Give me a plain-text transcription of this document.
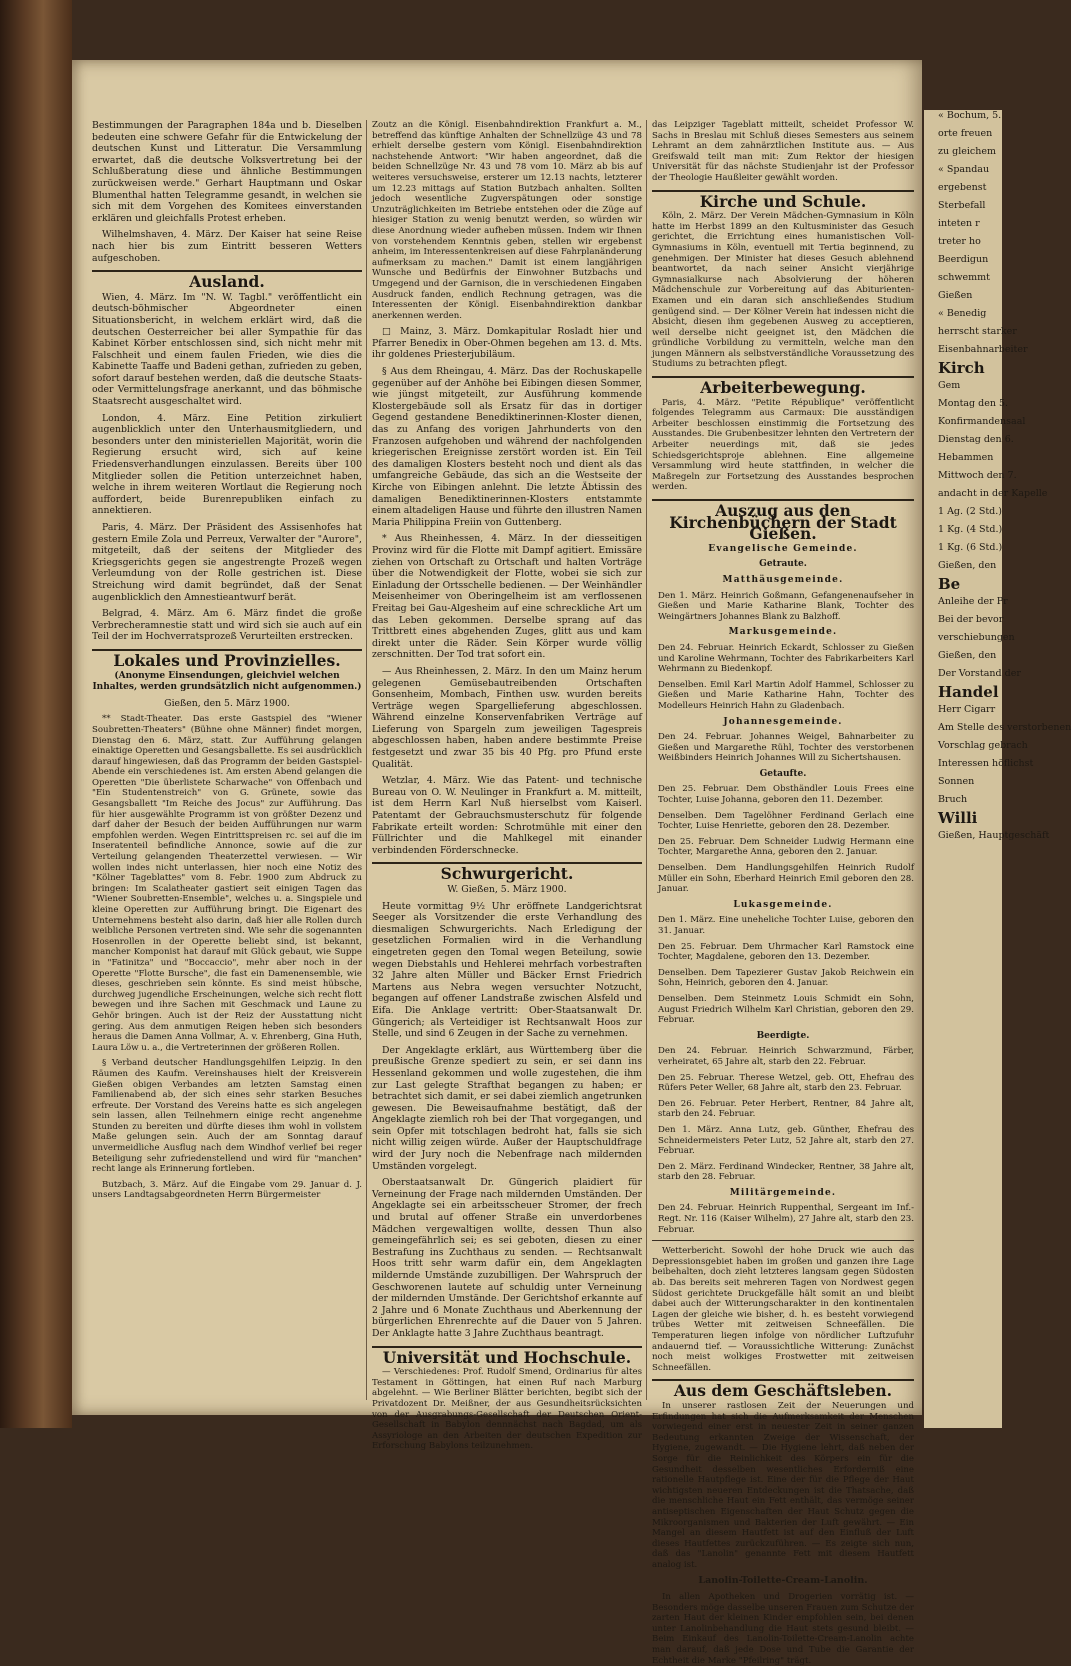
Bestimmungen der Paragraphen 184a und b. Dieselben bedeuten eine schwere Gefahr für die Entwickelung der deutschen Kunst und Litteratur. Die Versammlung erwartet, daß die deutsche Volksvertretung bei der Schlußberatung diese und ähnliche Bestimmungen zurückweisen werde." Gerhart Hauptmann und Oskar Blumenthal hatten Telegramme gesandt, in welchen sie sich mit dem Vorgehen des Komitees einverstanden erklären und gleichfalls Protest erheben.

Wilhelmshaven, 4. März. Der Kaiser hat seine Reise nach hier bis zum Eintritt besseren Wetters aufgeschoben.

Ausland.

Wien, 4. März. Im "N. W. Tagbl." veröffentlicht ein deutsch-böhmischer Abgeordneter einen Situationsbericht, in welchem erklärt wird, daß die deutschen Oesterreicher bei aller Sympathie für das Kabinet Körber entschlossen sind, sich nicht mehr mit Falschheit und einem faulen Frieden, wie dies die Kabinette Taaffe und Badeni gethan, zufrieden zu geben, sofort darauf bestehen werden, daß die deutsche Staats- oder Vermittelungsfrage anerkannt, und das böhmische Staatsrecht ausgeschaltet wird.

London, 4. März. Eine Petition zirkuliert augenblicklich unter den Unterhausmitgliedern, und besonders unter den ministeriellen Majorität, worin die Regierung ersucht wird, sich auf keine Friedensverhandlungen einzulassen. Bereits über 100 Mitglieder sollen die Petition unterzeichnet haben, welche in ihrem weiteren Wortlaut die Regierung noch auffordert, beide Burenrepubliken einfach zu annektieren.

Paris, 4. März. Der Präsident des Assisenhofes hat gestern Emile Zola und Perreux, Verwalter der "Aurore", mitgeteilt, daß der seitens der Mitglieder des Kriegsgerichts gegen sie angestrengte Prozeß wegen Verleumdung von der Rolle gestrichen ist. Diese Streichung wird damit begründet, daß der Senat augenblicklich den Amnestieantwurf berät.

Belgrad, 4. März. Am 6. März findet die große Verbrecheramnestie statt und wird sich sie auch auf ein Teil der im Hochverratsprozeß Verurteilten erstrecken.

Lokales und Provinzielles.

(Anonyme Einsendungen, gleichviel welchen Inhaltes, werden grundsätzlich nicht aufgenommen.)

Gießen, den 5. März 1900.

** Stadt-Theater. Das erste Gastspiel des "Wiener Soubretten-Theaters" (Bühne ohne Männer) findet morgen, Dienstag den 6. März, statt. Zur Aufführung gelangen einaktige Operetten und Gesangsballette. Es sei ausdrücklich darauf hingewiesen, daß das Programm der beiden Gastspiel-Abende ein verschiedenes ist. Am ersten Abend gelangen die Operetten "Die überlistete Scharwache" von Offenbach und "Ein Studentenstreich" von G. Grünete, sowie das Gesangsballett "Im Reiche des Jocus" zur Aufführung. Das für hier ausgewählte Programm ist von größter Dezenz und darf daher der Besuch der beiden Aufführungen nur warm empfohlen werden. Wegen Eintrittspreisen rc. sei auf die im Inseratenteil befindliche Annonce, sowie auf die zur Verteilung gelangenden Theaterzettel verwiesen. — Wir wollen indes nicht unterlassen, hier noch eine Notiz des "Kölner Tageblattes" vom 8. Febr. 1900 zum Abdruck zu bringen: Im Scalatheater gastiert seit einigen Tagen das "Wiener Soubretten-Ensemble", welches u. a. Singspiele und kleine Operetten zur Aufführung bringt. Die Eigenart des Unternehmens besteht also darin, daß hier alle Rollen durch weibliche Personen vertreten sind. Wie sehr die sogenannten Hosenrollen in der Operette beliebt sind, ist bekannt, mancher Komponist hat darauf mit Glück gebaut, wie Suppe in "Fatinitza" und "Boccaccio", mehr aber noch in der Operette "Flotte Bursche", die fast ein Damenensemble, wie dieses, geschrieben sein könnte. Es sind meist hübsche, durchweg jugendliche Erscheinungen, welche sich recht flott bewegen und ihre Sachen mit Geschmack und Laune zu Gehör bringen. Auch ist der Reiz der Ausstattung nicht gering. Aus dem anmutigen Reigen heben sich besonders heraus die Damen Anna Vollmar, A. v. Ehrenberg, Gina Huth, Laura Löw u. a., die Vertreterinnen der größeren Rollen.

§ Verband deutscher Handlungsgehilfen Leipzig. In den Räumen des Kaufm. Vereinshauses hielt der Kreisverein Gießen obigen Verbandes am letzten Samstag einen Familienabend ab, der sich eines sehr starken Besuches erfreute. Der Vorstand des Vereins hatte es sich angelegen sein lassen, allen Teilnehmern einige recht angenehme Stunden zu bereiten und dürfte dieses ihm wohl in vollstem Maße gelungen sein. Auch der am Sonntag darauf unvermeidliche Ausflug nach dem Windhof verlief bei reger Beteiligung sehr zufriedenstellend und wird für "manchen" recht lange als Erinnerung fortleben.

Butzbach, 3. März. Auf die Eingabe vom 29. Januar d. J. unsers Landtagsabgeordneten Herrn Bürgermeister

Zoutz an die Königl. Eisenbahndirektion Frankfurt a. M., betreffend das künftige Anhalten der Schnellzüge 43 und 78 erhielt derselbe gestern vom Königl. Eisenbahndirektion nachstehende Antwort: "Wir haben angeordnet, daß die beiden Schnellzüge Nr. 43 und 78 vom 10. März ab bis auf weiteres versuchsweise, ersterer um 12.13 nachts, letzterer um 12.23 mittags auf Station Butzbach anhalten. Sollten jedoch wesentliche Zugverspätungen oder sonstige Unzuträglichkeiten im Betriebe entstehen oder die Züge auf hiesiger Station zu wenig benutzt werden, so würden wir diese Anordnung wieder aufheben müssen. Indem wir Ihnen von vorstehendem Kenntnis geben, stellen wir ergebenst anheim, im Interessentenkreisen auf diese Fahrplanänderung aufmerksam zu machen." Damit ist einem langjährigen Wunsche und Bedürfnis der Einwohner Butzbachs und Umgegend und der Garnison, die in verschiedenen Eingaben Ausdruck fanden, endlich Rechnung getragen, was die Interessenten der Königl. Eisenbahndirektion dankbar anerkennen werden.

□ Mainz, 3. März. Domkapitular Rosladt hier und Pfarrer Benedix in Ober-Ohmen begehen am 13. d. Mts. ihr goldenes Priesterjubiläum.

§ Aus dem Rheingau, 4. März. Das der Rochuskapelle gegenüber auf der Anhöhe bei Eibingen diesen Sommer, wie jüngst mitgeteilt, zur Ausführung kommende Klostergebäude soll als Ersatz für das in dortiger Gegend gestandene Benediktinerinnen-Kloster dienen, das zu Anfang des vorigen Jahrhunderts von den Franzosen aufgehoben und während der nachfolgenden kriegerischen Ereignisse zerstört worden ist. Ein Teil des damaligen Klosters besteht noch und dient als das umfangreiche Gebäude, das sich an die Westseite der Kirche von Eibingen anlehnt. Die letzte Äbtissin des damaligen Benediktinerinnen-Klosters entstammte einem altadeligen Hause und führte den illustren Namen Maria Philippina Freiin von Guttenberg.

* Aus Rheinhessen, 4. März. In der diesseitigen Provinz wird für die Flotte mit Dampf agitiert. Emissäre ziehen von Ortschaft zu Ortschaft und halten Vorträge über die Notwendigkeit der Flotte, wobei sie sich zur Einladung der Ortsschelle bedienen. — Der Weinhändler Meisenheimer von Oberingelheim ist am verflossenen Freitag bei Gau-Algesheim auf eine schreckliche Art um das Leben gekommen. Derselbe sprang auf das Trittbrett eines abgehenden Zuges, glitt aus und kam direkt unter die Räder. Sein Körper wurde völlig zerschnitten. Der Tod trat sofort ein.

— Aus Rheinhessen, 2. März. In den um Mainz herum gelegenen Gemüsebautreibenden Ortschaften Gonsenheim, Mombach, Finthen usw. wurden bereits Verträge wegen Spargellieferung abgeschlossen. Während einzelne Konservenfabriken Verträge auf Lieferung von Spargeln zum jeweiligen Tagespreis abgeschlossen haben, haben andere bestimmte Preise festgesetzt und zwar 35 bis 40 Pfg. pro Pfund erste Qualität.

Wetzlar, 4. März. Wie das Patent- und technische Bureau von O. W. Neulinger in Frankfurt a. M. mitteilt, ist dem Herrn Karl Nuß hierselbst vom Kaiserl. Patentamt der Gebrauchsmusterschutz für folgende Fabrikate erteilt worden: Schrotmühle mit einer den Füllrichter und die Mahlkegel mit einander verbindenden Förderschnecke.

Schwurgericht.

W. Gießen, 5. März 1900.

Heute vormittag 9½ Uhr eröffnete Landgerichtsrat Seeger als Vorsitzender die erste Verhandlung des diesmaligen Schwurgerichts. Nach Erledigung der gesetzlichen Formalien wird in die Verhandlung eingetreten gegen den Tomal wegen Beteilung, sowie wegen Diebstahls und Hehlerei mehrfach vorbestraften 32 Jahre alten Müller und Bäcker Ernst Friedrich Martens aus Nebra wegen versuchter Notzucht, begangen auf offener Landstraße zwischen Alsfeld und Eifa. Die Anklage vertritt: Ober-Staatsanwalt Dr. Güngerich; als Verteidiger ist Rechtsanwalt Hoos zur Stelle, und sind 6 Zeugen in der Sache zu vernehmen.

Der Angeklagte erklärt, aus Württemberg über die preußische Grenze spediert zu sein, er sei dann ins Hessenland gekommen und wolle zugestehen, die ihm zur Last gelegte Strafthat begangen zu haben; er betrachtet sich damit, er sei dabei ziemlich angetrunken gewesen. Die Beweisaufnahme bestätigt, daß der Angeklagte ziemlich roh bei der That vorgegangen, und sein Opfer mit totschlagen bedroht hat, falls sie sich nicht willig zeigen würde. Außer der Hauptschuldfrage wird der Jury noch die Nebenfrage nach mildernden Umständen vorgelegt.

Oberstaatsanwalt Dr. Güngerich plaidiert für Verneinung der Frage nach mildernden Umständen. Der Angeklagte sei ein arbeitsscheuer Stromer, der frech und brutal auf offener Straße ein unverdorbenes Mädchen vergewaltigen wollte, dessen Thun also gemeingefährlich sei; es sei geboten, diesen zu einer Bestrafung ins Zuchthaus zu senden. — Rechtsanwalt Hoos tritt sehr warm dafür ein, dem Angeklagten mildernde Umstände zuzubilligen. Der Wahrspruch der Geschworenen lautete auf schuldig unter Verneinung der mildernden Umstände. Der Gerichtshof erkannte auf 2 Jahre und 6 Monate Zuchthaus und Aberkennung der bürgerlichen Ehrenrechte auf die Dauer von 5 Jahren. Der Anklagte hatte 3 Jahre Zuchthaus beantragt.

Universität und Hochschule.

— Verschiedenes: Prof. Rudolf Smend, Ordinarius für altes Testament in Göttingen, hat einen Ruf nach Marburg abgelehnt. — Wie Berliner Blätter berichten, begibt sich der Privatdozent Dr. Meißner, der aus Gesundheitsrücksichten von der Ausgrabungs-Gesellschaft der Deutschen Orient-Gesellschaft in Babylon dennnächst nach Bagdad, um als Assyriologe an den Arbeiten der deutschen Expedition zur Erforschung Babylons teilzunehmen.

das Leipziger Tageblatt mitteilt, scheidet Professor W. Sachs in Breslau mit Schluß dieses Semesters aus seinem Lehramt an dem zahnärztlichen Institute aus. — Aus Greifswald teilt man mit: Zum Rektor der hiesigen Universität für das nächste Studienjahr ist der Professor der Theologie Haußleiter gewählt worden.

Kirche und Schule.

Köln, 2. März. Der Verein Mädchen-Gymnasium in Köln hatte im Herbst 1899 an den Kultusminister das Gesuch gerichtet, die Errichtung eines humanistischen Voll-Gymnasiums in Köln, eventuell mit Tertia beginnend, zu genehmigen. Der Minister hat dieses Gesuch ablehnend beantwortet, da nach seiner Ansicht vierjährige Gymnasialkurse nach Absolvierung der höheren Mädchenschule zur Vorbereitung auf das Abiturienten-Examen und ein daran sich anschließendes Studium genügend sind. — Der Kölner Verein hat indessen nicht die Absicht, diesen ihm gegebenen Ausweg zu acceptieren, weil derselbe nicht geeignet ist, den Mädchen die gründliche Vorbildung zu vermitteln, welche man den jungen Männern als selbstverständliche Voraussetzung des Studiums zu betrachten pflegt.

Arbeiterbewegung.

Paris, 4. März. "Petite République" veröffentlicht folgendes Telegramm aus Carmaux: Die ausständigen Arbeiter beschlossen einstimmig die Fortsetzung des Ausstandes. Die Grubenbesitzer lehnten den Vertretern der Arbeiter neuerdings mit, daß sie jedes Schiedsgerichtsproje ablehnen. Eine allgemeine Versammlung wird heute stattfinden, in welcher die Maßregeln zur Fortsetzung des Ausstandes besprochen werden.

Auszug aus den Kirchenbüchern der Stadt Gießen.

Evangelische Gemeinde.

Getraute.

Matthäusgemeinde.

Den 1. März. Heinrich Goßmann, Gefangenenaufseher in Gießen und Marie Katharine Blank, Tochter des Weingärtners Johannes Blank zu Balzhoff.

Markusgemeinde.

Den 24. Februar. Heinrich Eckardt, Schlosser zu Gießen und Karoline Wehrmann, Tochter des Fabrikarbeiters Karl Wehrmann zu Biedenkopf.

Denselben. Emil Karl Martin Adolf Hammel, Schlosser zu Gießen und Marie Katharine Hahn, Tochter des Modelleurs Heinrich Hahn zu Gladenbach.

Johannesgemeinde.

Den 24. Februar. Johannes Weigel, Bahnarbeiter zu Gießen und Margarethe Rühl, Tochter des verstorbenen Weißbinders Heinrich Johannes Will zu Sichertshausen.

Getaufte.

Den 25. Februar. Dem Obsthändler Louis Frees eine Tochter, Luise Johanna, geboren den 11. Dezember.

Denselben. Dem Tagelöhner Ferdinand Gerlach eine Tochter, Luise Henriette, geboren den 28. Dezember.

Den 25. Februar. Dem Schneider Ludwig Hermann eine Tochter, Margarethe Anna, geboren den 2. Januar.

Denselben. Dem Handlungsgehilfen Heinrich Rudolf Müller ein Sohn, Eberhard Heinrich Emil geboren den 28. Januar.

Lukasgemeinde.

Den 1. März. Eine uneheliche Tochter Luise, geboren den 31. Januar.

Den 25. Februar. Dem Uhrmacher Karl Ramstock eine Tochter, Magdalene, geboren den 13. Dezember.

Denselben. Dem Tapezierer Gustav Jakob Reichwein ein Sohn, Heinrich, geboren den 4. Januar.

Denselben. Dem Steinmetz Louis Schmidt ein Sohn, August Friedrich Wilhelm Karl Christian, geboren den 29. Februar.

Beerdigte.

Den 24. Februar. Heinrich Schwarzmund, Färber, verheiratet, 65 Jahre alt, starb den 22. Februar.

Den 25. Februar. Therese Wetzel, geb. Ott, Ehefrau des Rüfers Peter Weller, 68 Jahre alt, starb den 23. Februar.

Den 26. Februar. Peter Herbert, Rentner, 84 Jahre alt, starb den 24. Februar.

Den 1. März. Anna Lutz, geb. Günther, Ehefrau des Schneidermeisters Peter Lutz, 52 Jahre alt, starb den 27. Februar.

Den 2. März. Ferdinand Windecker, Rentner, 38 Jahre alt, starb den 28. Februar.

Militärgemeinde.

Den 24. Februar. Heinrich Ruppenthal, Sergeant im Inf.-Regt. Nr. 116 (Kaiser Wilhelm), 27 Jahre alt, starb den 23. Februar.

Wetterbericht. Sowohl der hohe Druck wie auch das Depressionsgebiet haben im großen und ganzen ihre Lage beibehalten, doch zieht letzteres langsam gegen Südosten ab. Das bereits seit mehreren Tagen von Nordwest gegen Südost gerichtete Druckgefälle hält somit an und bleibt dabei auch der Witterungscharakter in den kontinentalen Lagen der gleiche wie bisher, d. h. es besteht vorwiegend trübes Wetter mit zeitweisen Schneefällen. Die Temperaturen liegen infolge von nördlicher Luftzufuhr andauernd tief. — Voraussichtliche Witterung: Zunächst noch meist wolkiges Frostwetter mit zeitweisen Schneefällen.

Aus dem Geschäftsleben.

In unserer rastlosen Zeit der Neuerungen und Erfindungen hat sich die Aufmerksamkeit der Menschen vorwiegend einer erst in neuester Zeit in seiner ganzen Bedeutung erkannten Zweige der Wissenschaft, der Hygiene, zugewandt. — Die Hygiene lehrt, daß neben der Sorge für die Reinlichkeit des Körpers ein für die Gesundheit desselben wesentliches Erforderniß eine rationelle Hautpflege ist. Eine der für die Pflege der Haut wichtigsten neueren Entdeckungen ist die Thatsache, daß die menschliche Haut ein Fett enthält, das vermöge seiner antiseptischen Eigenschaften der Haut Schutz gegen die Mikroorganismen und Bakterien der Luft gewährt. — Ein Mangel an diesem Hautfett ist auf den Einfluß der Luft dieses Hautfettes zurückzuführen. — Es zeigte sich nun, daß das "Lanolin" genannte Fett mit diesem Hautfett analog ist.

Lanolin-Toilette-Cream-Lanolin.

In allen Apotheken und Drogerien vorrätig ist. — Besonders möge dasselbe unseren Frauen zum Schutze der zarten Haut der kleinen Kinder empfohlen sein, bei denen unter Lanolinbehandlung die Haut stets gesund bleibt. — Beim Einkauf des Lanolin-Toilette-Cream-Lanolin achte man darauf, daß jede Dose und Tube die Garantie der Echtheit die Marke "Pfeilring" trägt.

« Bochum, 5.

orte freuen

zu gleichem

« Spandau

ergebenst

Sterbefall

inteten r

treter ho

Beerdigun

schwemmt

Gießen

« Benedig

herrscht starker

Eisenbahnarbeiter

Kirch

Gem

Montag den 5.

Konfirmandensaal

Dienstag den 6.

Hebammen

Mittwoch den 7.

andacht in der Kapelle

1 Ag. (2 Std.)

1 Kg. (4 Std.)

1 Kg. (6 Std.)

Gießen, den

Be

Anleihe der Pr

Bei der bevor

verschiebungen

Gießen, den

Der Vorstand der

Handel

Herr Cigarr

Am Stelle des verstorbenen

Vorschlag gebrach

Interessen höflichst

Sonnen

Bruch

Willi

Gießen, Hauptgeschäft
